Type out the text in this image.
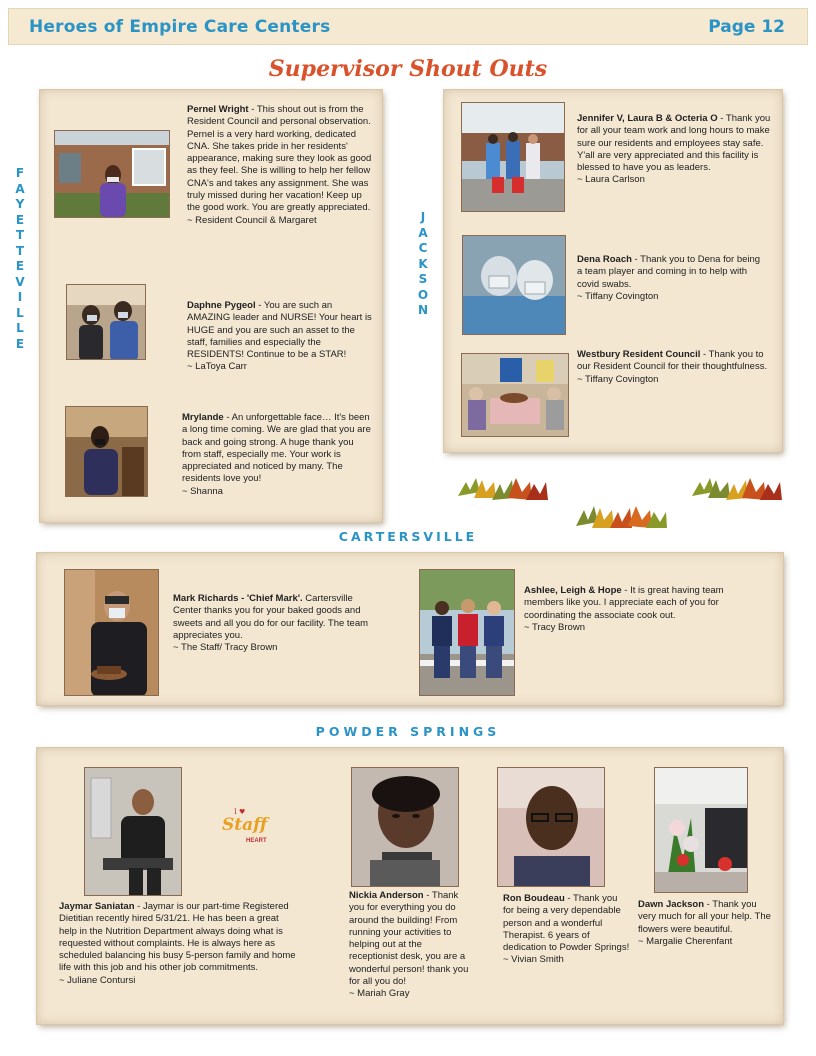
Heroes of Empire Care Centers	Page 12
Supervisor Shout Outs
F
A
Y
E
T
T
E
V
I
L
L
E
Pernel Wright - This shout out is from the Resident Council and personal observation. Pernel is a very hard working, dedicated CNA. She takes pride in her residents' appearance, making sure they look as good as they feel. She is willing to help her fellow CNA's and takes any assignment. She was truly missed during her vacation! Keep up the good work. You are greatly appreciated.
~ Resident Council & Margaret
Daphne Pygeol - You are such an AMAZING leader and NURSE! Your heart is HUGE and you are such an asset to the staff, families and especially the RESIDENTS! Continue to be a STAR!
~ LaToya Carr
Mrylande - An unforgettable face… It's been a long time coming. We are glad that you are back and going strong. A huge thank you from staff, especially me. Your work is appreciated and noticed by many. The residents love you!
~ Shanna
J
A
C
K
S
O
N
Jennifer V, Laura B & Octeria O - Thank you for all your team work and long hours to make sure our residents and employees stay safe. Y'all are very appreciated and this facility is blessed to have you as leaders.
~ Laura Carlson
Dena Roach - Thank you to Dena for being a team player and coming in to help with covid swabs.
~ Tiffany Covington
Westbury Resident Council - Thank you to our Resident Council for their thoughtfulness.
~ Tiffany Covington
CARTERSVILLE
Mark Richards - 'Chief Mark'. Cartersville Center thanks you for your baked goods and sweets and all you do for our facility. The team appreciates you.
~ The Staff/ Tracy Brown
Ashlee, Leigh & Hope - It is great having team members like you. I appreciate each of you for coordinating the associate cook out.
~ Tracy Brown
POWDER SPRINGS
I ♥
Staff
HEART
Jaymar Saniatan - Jaymar is our part-time Registered Dietitian recently hired 5/31/21. He has been a great help in the Nutrition Department always doing what is requested without complaints. He is always here as scheduled balancing his busy 5-person family and home life with this job and his other job commitments.
~ Juliane Contursi
Nickia Anderson - Thank you for everything you do around the building! From running your activities to helping out at the receptionist desk, you are a wonderful person! thank you for all you do!
~ Mariah Gray
Ron Boudeau - Thank you for being a very dependable person and a wonderful Therapist. 6 years of dedication to Powder Springs!
~ Vivian Smith
Dawn Jackson - Thank you very much for all your help. The flowers were beautiful.
~ Margalie Cherenfant
